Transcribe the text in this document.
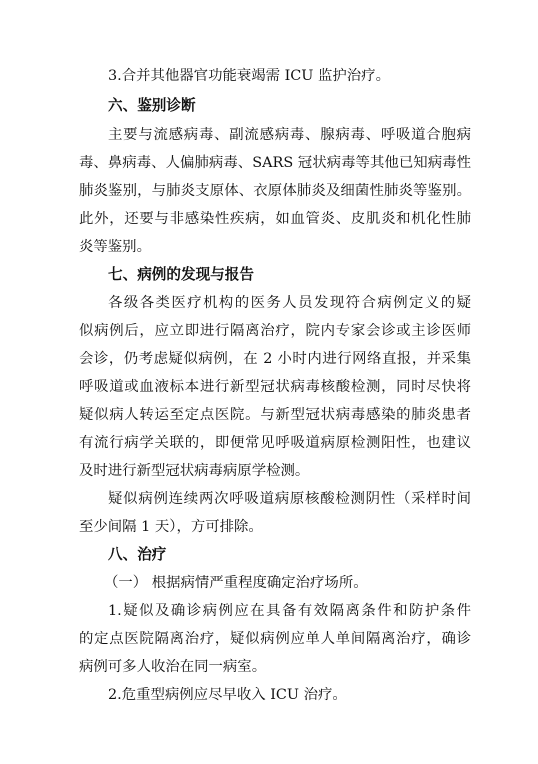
3.合并其他器官功能衰竭需 ICU 监护治疗。
六、鉴别诊断
主要与流感病毒、副流感病毒、腺病毒、呼吸道合胞病
毒、鼻病毒、人偏肺病毒、SARS 冠状病毒等其他已知病毒性
肺炎鉴别，与肺炎支原体、衣原体肺炎及细菌性肺炎等鉴别。
此外，还要与非感染性疾病，如血管炎、皮肌炎和机化性肺
炎等鉴别。
七、病例的发现与报告
各级各类医疗机构的医务人员发现符合病例定义的疑
似病例后，应立即进行隔离治疗，院内专家会诊或主诊医师
会诊，仍考虑疑似病例，在 2 小时内进行网络直报，并采集
呼吸道或血液标本进行新型冠状病毒核酸检测，同时尽快将
疑似病人转运至定点医院。与新型冠状病毒感染的肺炎患者
有流行病学关联的，即便常见呼吸道病原检测阳性，也建议
及时进行新型冠状病毒病原学检测。
疑似病例连续两次呼吸道病原核酸检测阴性（采样时间
至少间隔 1 天），方可排除。
八、治疗
（一） 根据病情严重程度确定治疗场所。
1.疑似及确诊病例应在具备有效隔离条件和防护条件
的定点医院隔离治疗，疑似病例应单人单间隔离治疗，确诊
病例可多人收治在同一病室。
2.危重型病例应尽早收入 ICU 治疗。
